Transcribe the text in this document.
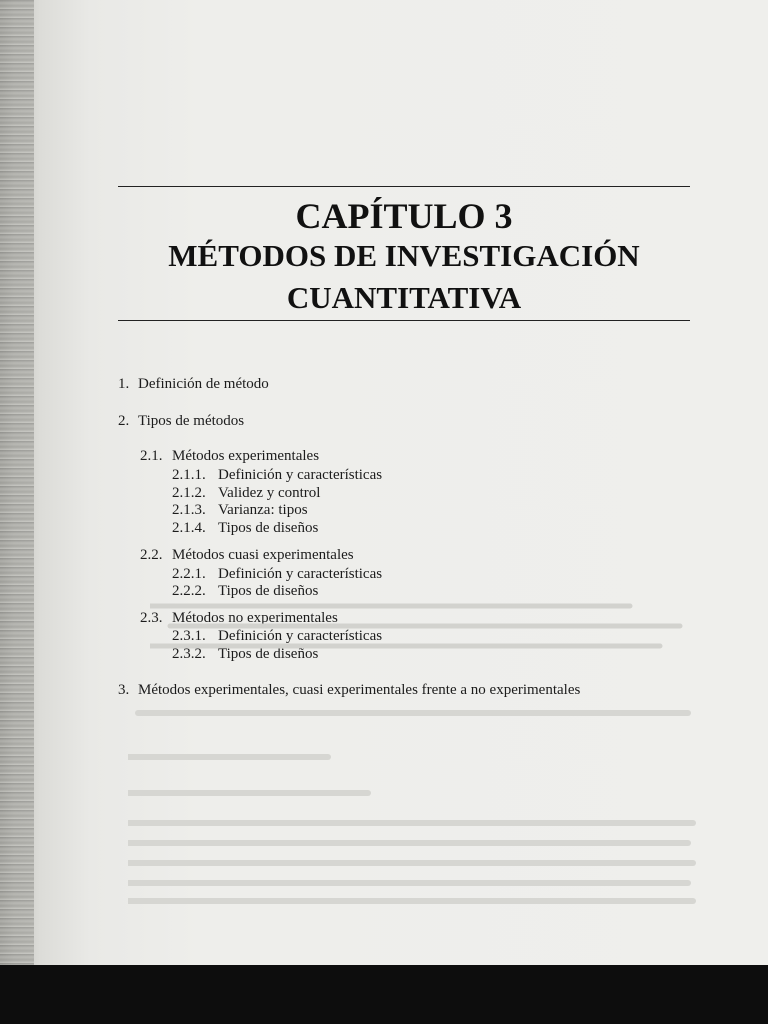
CAPÍTULO 3
MÉTODOS DE INVESTIGACIÓN
CUANTITATIVA
1. Definición de método
2. Tipos de métodos
2.1. Métodos experimentales
2.1.1. Definición y características
2.1.2. Validez y control
2.1.3. Varianza: tipos
2.1.4. Tipos de diseños
2.2. Métodos cuasi experimentales
2.2.1. Definición y características
2.2.2. Tipos de diseños
2.3. Métodos no experimentales
2.3.1. Definición y características
2.3.2. Tipos de diseños
3. Métodos experimentales, cuasi experimentales frente a no experimentales
